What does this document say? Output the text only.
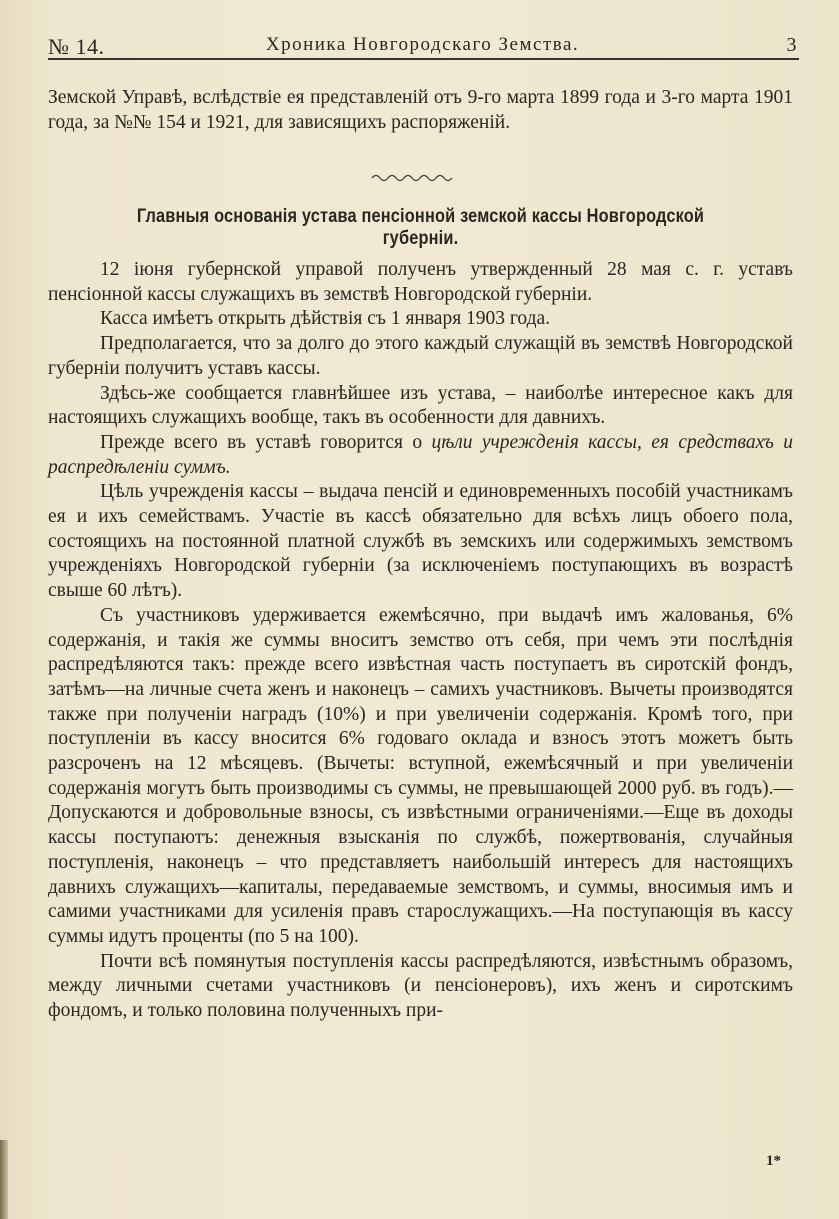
№ 14.	Хроника Новгородскаго Земства.	3

Земской Управѣ, вслѣдствіе ея представленій отъ 9-го марта 1899 года и 3-го марта 1901 года, за №№ 154 и 1921, для зависящихъ распоряженій.

Главныя основанія устава пенсіонной земской кассы Новгородской губерніи.

12 іюня губернской управой полученъ утвержденный 28 мая с. г. уставъ пенсіонной кассы служащихъ въ земствѣ Новгородской губерніи.

Касса имѣетъ открыть дѣйствія съ 1 января 1903 года.

Предполагается, что за долго до этого каждый служащій въ земствѣ Новгородской губерніи получитъ уставъ кассы.

Здѣсь-же сообщается главнѣйшее изъ устава, – наиболѣе интересное какъ для настоящихъ служащихъ вообще, такъ въ особенности для давнихъ.

Прежде всего въ уставѣ говорится о цѣли учрежденія кассы, ея средствахъ и распредѣленіи суммъ.

Цѣль учрежденія кассы – выдача пенсій и единовременныхъ пособій участникамъ ея и ихъ семействамъ. Участіе въ кассѣ обязательно для всѣхъ лицъ обоего пола, состоящихъ на постоянной платной службѣ въ земскихъ или содержимыхъ земствомъ учрежденіяхъ Новгородской губерніи (за исключеніемъ поступающихъ въ возрастѣ свыше 60 лѣтъ).

Съ участниковъ удерживается ежемѣсячно, при выдачѣ имъ жалованья, 6% содержанія, и такія же суммы вноситъ земство отъ себя, при чемъ эти послѣднія распредѣляются такъ: прежде всего извѣстная часть поступаетъ въ сиротскій фондъ, затѣмъ—на личные счета женъ и наконецъ – самихъ участниковъ. Вычеты производятся также при полученіи наградъ (10%) и при увеличеніи содержанія. Кромѣ того, при поступленіи въ кассу вносится 6% годоваго оклада и взносъ этотъ можетъ быть разсроченъ на 12 мѣсяцевъ. (Вычеты: вступной, ежемѣсячный и при увеличеніи содержанія могутъ быть производимы съ суммы, не превышающей 2000 руб. въ годъ).—Допускаются и добровольные взносы, съ извѣстными ограниченіями.—Еще въ доходы кассы поступаютъ: денежныя взысканія по службѣ, пожертвованія, случайныя поступленія, наконецъ – что представляетъ наибольшій интересъ для настоящихъ давнихъ служащихъ—капиталы, передаваемые земствомъ, и суммы, вносимыя имъ и самими участниками для усиленія правъ старослужащихъ.—На поступающія въ кассу суммы идутъ проценты (по 5 на 100).

Почти всѣ помянутыя поступленія кассы распредѣляются, извѣстнымъ образомъ, между личными счетами участниковъ (и пенсіонеровъ), ихъ женъ и сиротскимъ фондомъ, и только половина полученныхъ при-

1*
